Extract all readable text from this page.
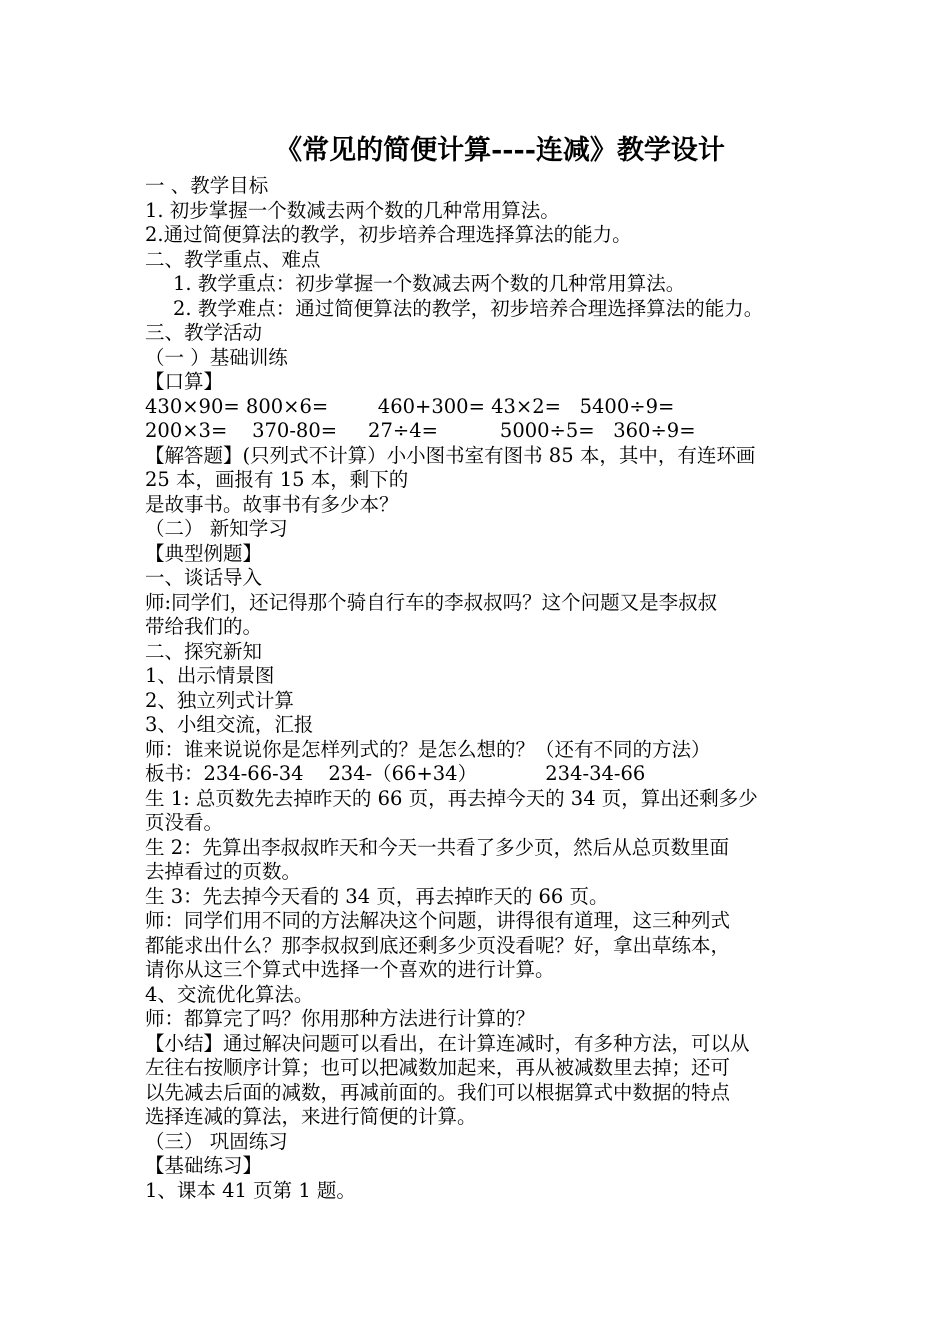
《常见的简便计算----连减》教学设计

一 、教学目标

1. 初步掌握一个数减去两个数的几种常用算法。

2.通过简便算法的教学，初步培养合理选择算法的能力。

二、教学重点、难点

1. 教学重点：初步掌握一个数减去两个数的几种常用算法。

2. 教学难点：通过简便算法的教学，初步培养合理选择算法的能力。

三、教学活动

（一 ）基础训练

【口算】

430×90= 800×6=        460+300= 43×2=   5400÷9=

200×3=    370-80=     27÷4=          5000÷5=   360÷9=

【解答题】(只列式不计算）小小图书室有图书 85 本，其中，有连环画

25 本，画报有 15 本，剩下的

是故事书。故事书有多少本？

（二） 新知学习

【典型例题】

一、谈话导入

师:同学们，还记得那个骑自行车的李叔叔吗？这个问题又是李叔叔

带给我们的。

二、探究新知

1、出示情景图

2、独立列式计算

3、小组交流，汇报

师：谁来说说你是怎样列式的？是怎么想的？（还有不同的方法）

板书：234-66-34    234-（66+34）           234-34-66

生 1: 总页数先去掉昨天的 66 页，再去掉今天的 34 页，算出还剩多少

页没看。

生 2：先算出李叔叔昨天和今天一共看了多少页，然后从总页数里面

去掉看过的页数。

生 3：先去掉今天看的 34 页，再去掉昨天的 66 页。

师：同学们用不同的方法解决这个问题，讲得很有道理，这三种列式

都能求出什么？那李叔叔到底还剩多少页没看呢？好，拿出草练本，

请你从这三个算式中选择一个喜欢的进行计算。

4、交流优化算法。

师：都算完了吗？你用那种方法进行计算的？

【小结】通过解决问题可以看出，在计算连减时，有多种方法，可以从

左往右按顺序计算；也可以把减数加起来，再从被减数里去掉；还可

以先减去后面的减数，再减前面的。我们可以根据算式中数据的特点

选择连减的算法，来进行简便的计算。

（三） 巩固练习

【基础练习】

1、课本 41 页第 1 题。
